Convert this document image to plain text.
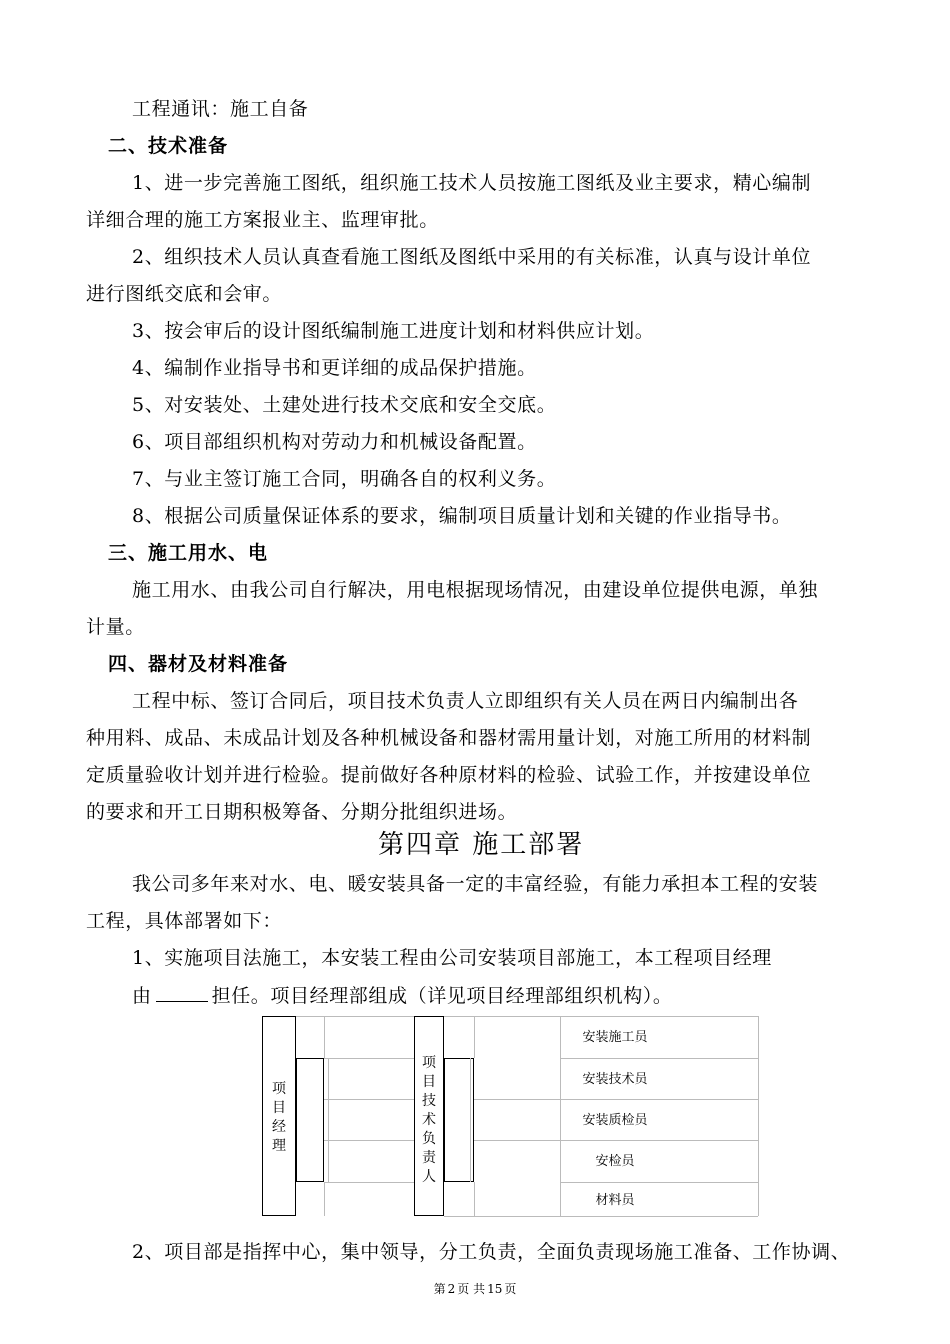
工程通讯：施工自备
二、技术准备
1、进一步完善施工图纸，组织施工技术人员按施工图纸及业主要求，精心编制
详细合理的施工方案报业主、监理审批。
2、组织技术人员认真查看施工图纸及图纸中采用的有关标准，认真与设计单位
进行图纸交底和会审。
3、按会审后的设计图纸编制施工进度计划和材料供应计划。
4、编制作业指导书和更详细的成品保护措施。
5、对安装处、土建处进行技术交底和安全交底。
6、项目部组织机构对劳动力和机械设备配置。
7、与业主签订施工合同，明确各自的权利义务。
8、根据公司质量保证体系的要求，编制项目质量计划和关键的作业指导书。
三、施工用水、电
施工用水、由我公司自行解决，用电根据现场情况，由建设单位提供电源，单独
计量。
四、器材及材料准备
工程中标、签订合同后，项目技术负责人立即组织有关人员在两日内编制出各
种用料、成品、未成品计划及各种机械设备和器材需用量计划，对施工所用的材料制
定质量验收计划并进行检验。提前做好各种原材料的检验、试验工作，并按建设单位
的要求和开工日期积极筹备、分期分批组织进场。
第四章 施工部署
我公司多年来对水、电、暖安装具备一定的丰富经验，有能力承担本工程的安装
工程，具体部署如下：
1、实施项目法施工，本安装工程由公司安装项目部施工，本工程项目经理
由	担任。项目经理部组成（详见项目经理部组织机构）。
项
目
经
理
项
目
技
术
负
责
人
安装施工员
安装技术员
安装质检员
安检员
材料员
2、项目部是指挥中心，集中领导，分工负责，全面负责现场施工准备、工作协调、
第 2 页 共 15 页
